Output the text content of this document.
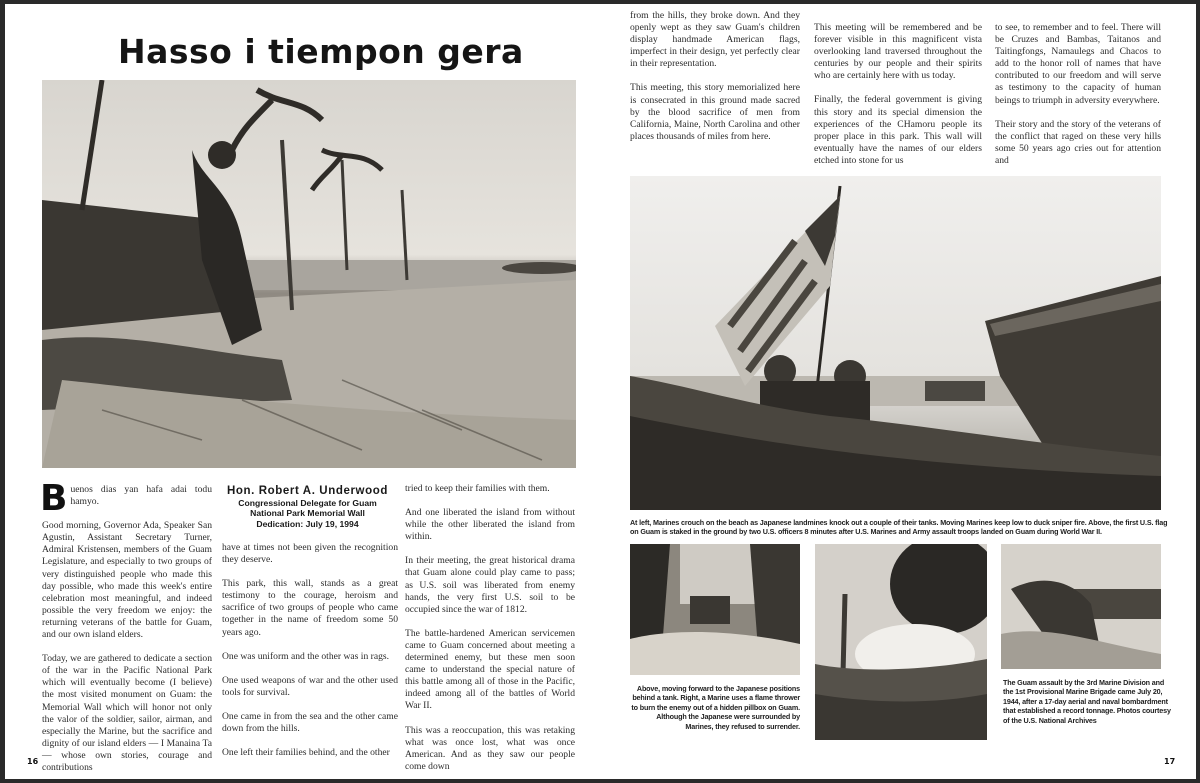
Hasso i tiempon gera

Buenos dias yan hafa adai todu hamyo.

Good morning, Governor Ada, Speaker San Agustin, Assistant Secretary Turner, Admiral Kristensen, members of the Guam Legislature, and especially to two groups of very distinguished people who made this day possible, who made this week's entire celebration most meaningful, and indeed possible the very freedom we enjoy: the returning veterans of the battle for Guam, and our own island elders.

Today, we are gathered to dedicate a section of the war in the Pacific National Park which will eventually become (I believe) the most visited monument on Guam: the Memorial Wall which will honor not only the valor of the soldier, sailor, airman, and especially the Marine, but the sacrifice and dignity of our island elders — I Manaina Ta — whose own stories, courage and contributions

Hon. Robert A. Underwood
Congressional Delegate for Guam
National Park Memorial Wall
Dedication: July 19, 1994

have at times not been given the recognition they deserve.

This park, this wall, stands as a great testimony to the courage, heroism and sacrifice of two groups of people who came together in the name of freedom some 50 years ago.

One was uniform and the other was in rags.

One used weapons of war and the other used tools for survival.

One came in from the sea and the other came down from the hills.

One left their families behind, and the other

tried to keep their families with them.

And one liberated the island from without while the other liberated the island from within.

In their meeting, the great historical drama that Guam alone could play came to pass; as U.S. soil was liberated from enemy hands, the very first U.S. soil to be occupied since the war of 1812.

The battle-hardened American servicemen came to Guam concerned about meeting a determined enemy, but these men soon came to understand the special nature of this battle among all of those in the Pacific, indeed among all of the battles of World War II.

This was a reoccupation, this was retaking what was once lost, what was once American. And as they saw our people come down

16

from the hills, they broke down. And they openly wept as they saw Guam's children display handmade American flags, imperfect in their design, yet perfectly clear in their representation.

This meeting, this story memorialized here is consecrated in this ground made sacred by the blood sacrifice of men from California, Maine, North Carolina and other places thousands of miles from here.

This meeting will be remembered and be forever visible in this magnificent vista overlooking land traversed throughout the centuries by our people and their spirits who are certainly here with us today.

Finally, the federal government is giving this story and its special dimension the experiences of the CHamoru people its proper place in this park. This wall will eventually have the names of our elders etched into stone for us

to see, to remember and to feel. There will be Cruzes and Bambas, Taitanos and Taitingfongs, Namaulegs and Chacos to add to the honor roll of names that have contributed to our freedom and will serve as testimony to the capacity of human beings to triumph in adversity everywhere.

Their story and the story of the veterans of the conflict that raged on these very hills some 50 years ago cries out for attention and

At left, Marines crouch on the beach as Japanese landmines knock out a couple of their tanks. Moving Marines keep low to duck sniper fire. Above, the first U.S. flag on Guam is staked in the ground by two U.S. officers 8 minutes after U.S. Marines and Army assault troops landed on Guam during World War II.
Above, moving forward to the Japanese positions behind a tank. Right, a Marine uses a flame thrower to burn the enemy out of a hidden pillbox on Guam. Although the Japanese were surrounded by Marines, they refused to surrender.
The Guam assault by the 3rd Marine Division and the 1st Provisional Marine Brigade came July 20, 1944, after a 17-day aerial and naval bombardment that established a record tonnage. Photos courtesy of the U.S. National Archives
17
